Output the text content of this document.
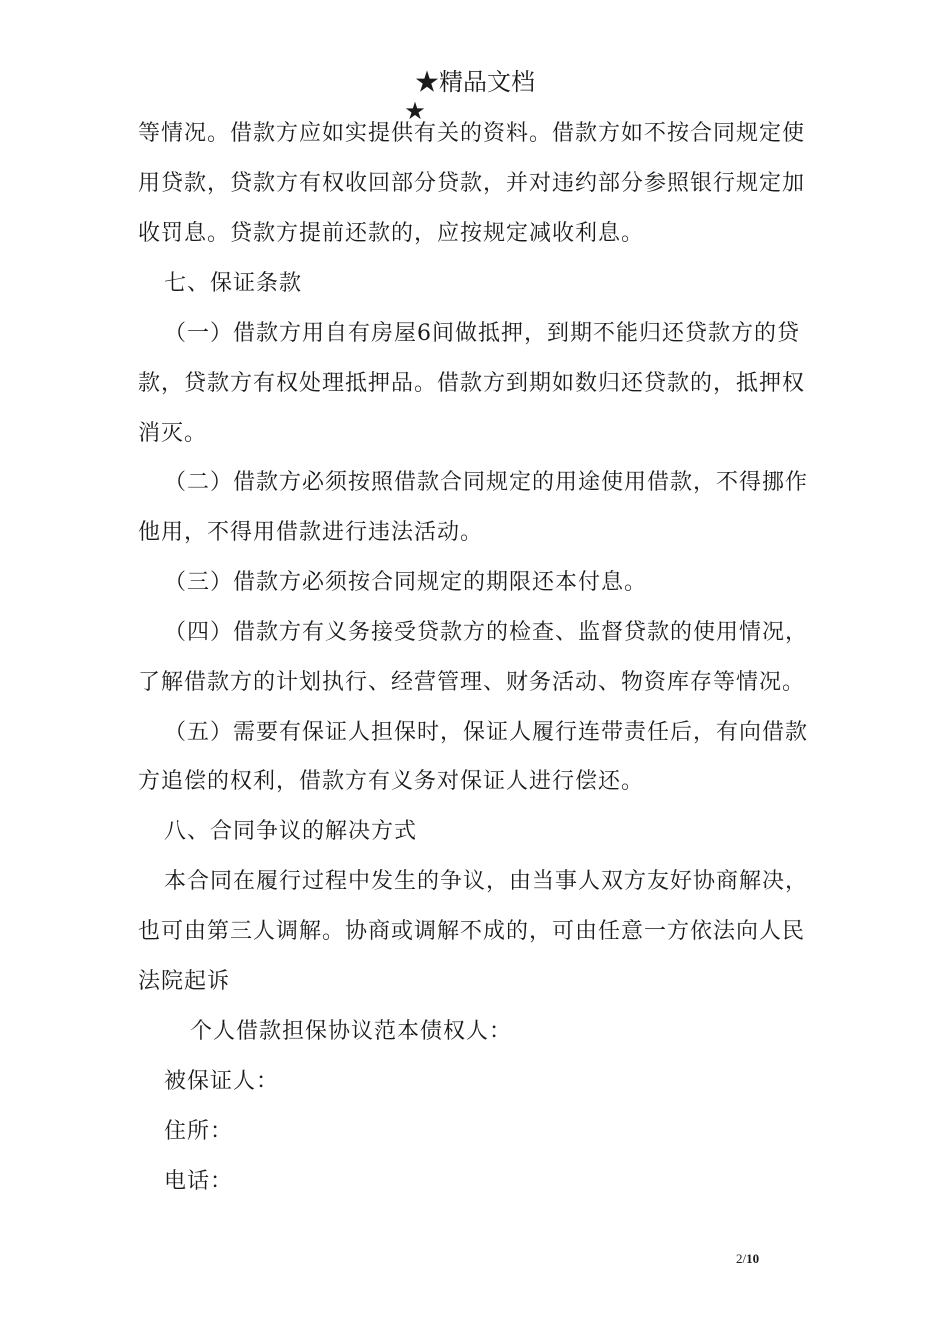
★精品文档
★
等情况。借款方应如实提供有关的资料。借款方如不按合同规定使
用贷款，贷款方有权收回部分贷款，并对违约部分参照银行规定加
收罚息。贷款方提前还款的，应按规定减收利息。
七、保证条款
（一）借款方用自有房屋6间做抵押，到期不能归还贷款方的贷
款，贷款方有权处理抵押品。借款方到期如数归还贷款的，抵押权
消灭。
（二）借款方必须按照借款合同规定的用途使用借款，不得挪作
他用，不得用借款进行违法活动。
（三）借款方必须按合同规定的期限还本付息。
（四）借款方有义务接受贷款方的检查、监督贷款的使用情况，
了解借款方的计划执行、经营管理、财务活动、物资库存等情况。
（五）需要有保证人担保时，保证人履行连带责任后，有向借款
方追偿的权利，借款方有义务对保证人进行偿还。
八、合同争议的解决方式
本合同在履行过程中发生的争议，由当事人双方友好协商解决，
也可由第三人调解。协商或调解不成的，可由任意一方依法向人民
法院起诉
个人借款担保协议范本债权人：
被保证人：
住所：
电话：
2/10
